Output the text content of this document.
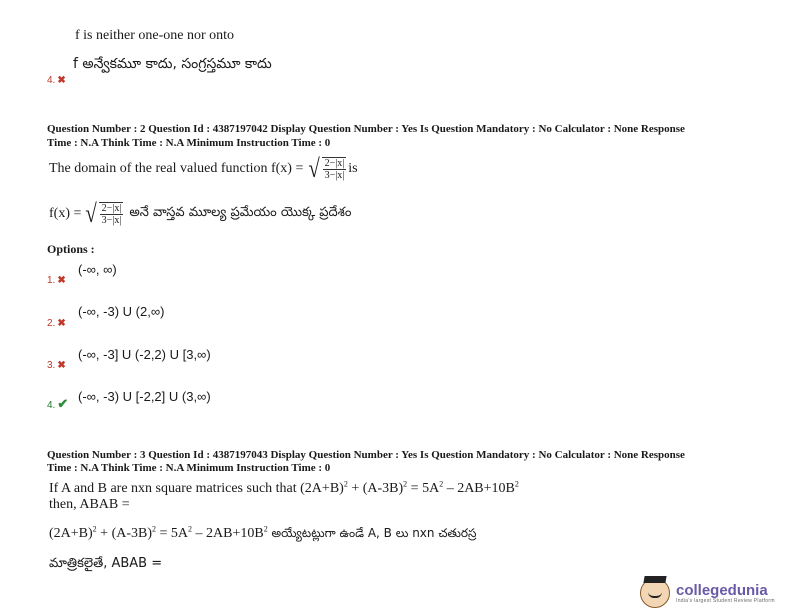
f is neither one-one nor onto
f అన్వేకమూ కాదు, సంగ్రస్తమూ కాదు
4. ✖
Question Number : 2 Question Id : 4387197042 Display Question Number : Yes Is Question Mandatory : No Calculator : None Response
Time : N.A Think Time : N.A Minimum Instruction Time : 0
The domain of the real valued function f(x) = √ $\frac{2-|x|}{3-|x|}$ is
f(x) = √ $\frac{2-|x|}{3-|x|}$ అనే వాస్తవ మూల్య ప్రమేయం యొక్క ప్రదేశం
Options :
(-∞, ∞)
1. ✖
(-∞, -3) U (2,∞)
2. ✖
(-∞, -3] U (-2,2) U [3,∞)
3. ✖
(-∞, -3) U [-2,2] U (3,∞)
4. ✔
Question Number : 3 Question Id : 4387197043 Display Question Number : Yes Is Question Mandatory : No Calculator : None Response
Time : N.A Think Time : N.A Minimum Instruction Time : 0
If A and B are nxn square matrices such that $(2A+B)^2 + (A-3B)^2 = 5A^2 - 2AB+10B^2$
then, ABAB =
$(2A+B)^2 + (A-3B)^2 = 5A^2 - 2AB+10B^2$ అయ్యేటట్లుగా ఉండే A, B లు nxn చతురస్ర
మాత్రికలైతే, ABAB =
collegedunia
India's largest Student Review Platform
